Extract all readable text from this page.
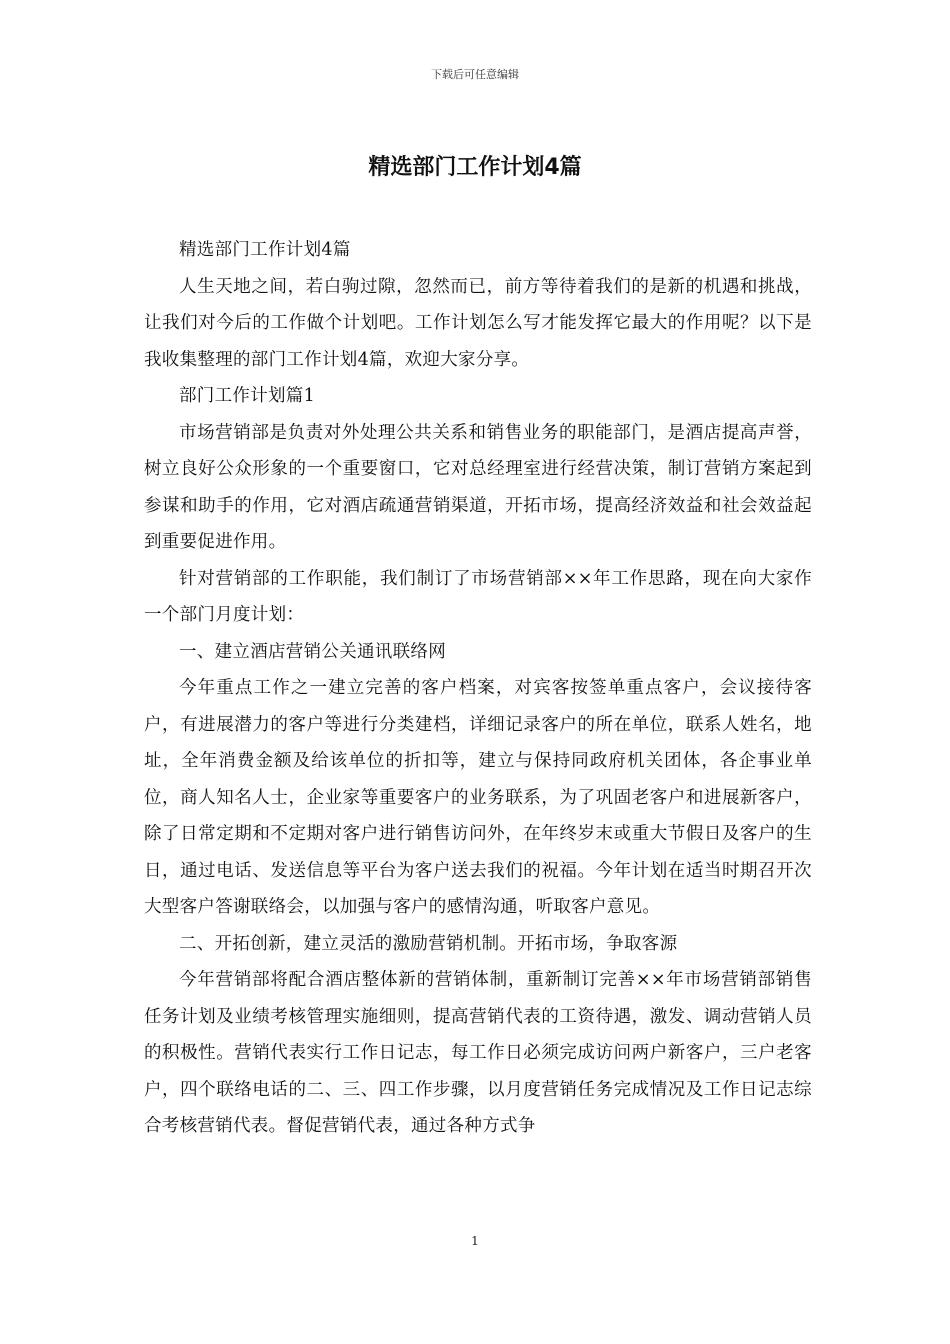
下载后可任意编辑
精选部门工作计划4篇

精选部门工作计划4篇

人生天地之间，若白驹过隙，忽然而已，前方等待着我们的是新的机遇和挑战，让我们对今后的工作做个计划吧。工作计划怎么写才能发挥它最大的作用呢？以下是我收集整理的部门工作计划4篇，欢迎大家分享。

部门工作计划篇1

市场营销部是负责对外处理公共关系和销售业务的职能部门，是酒店提高声誉，树立良好公众形象的一个重要窗口，它对总经理室进行经营决策，制订营销方案起到参谋和助手的作用，它对酒店疏通营销渠道，开拓市场，提高经济效益和社会效益起到重要促进作用。

针对营销部的工作职能，我们制订了市场营销部××年工作思路，现在向大家作一个部门月度计划：

一、建立酒店营销公关通讯联络网

今年重点工作之一建立完善的客户档案，对宾客按签单重点客户，会议接待客户，有进展潜力的客户等进行分类建档，详细记录客户的所在单位，联系人姓名，地址，全年消费金额及给该单位的折扣等，建立与保持同政府机关团体，各企事业单位，商人知名人士，企业家等重要客户的业务联系，为了巩固老客户和进展新客户，除了日常定期和不定期对客户进行销售访问外，在年终岁末或重大节假日及客户的生日，通过电话、发送信息等平台为客户送去我们的祝福。今年计划在适当时期召开次大型客户答谢联络会，以加强与客户的感情沟通，听取客户意见。

二、开拓创新，建立灵活的激励营销机制。开拓市场，争取客源

今年营销部将配合酒店整体新的营销体制，重新制订完善××年市场营销部销售任务计划及业绩考核管理实施细则，提高营销代表的工资待遇，激发、调动营销人员的积极性。营销代表实行工作日记志，每工作日必须完成访问两户新客户，三户老客户，四个联络电话的二、三、四工作步骤，以月度营销任务完成情况及工作日记志综合考核营销代表。督促营销代表，通过各种方式争

1
